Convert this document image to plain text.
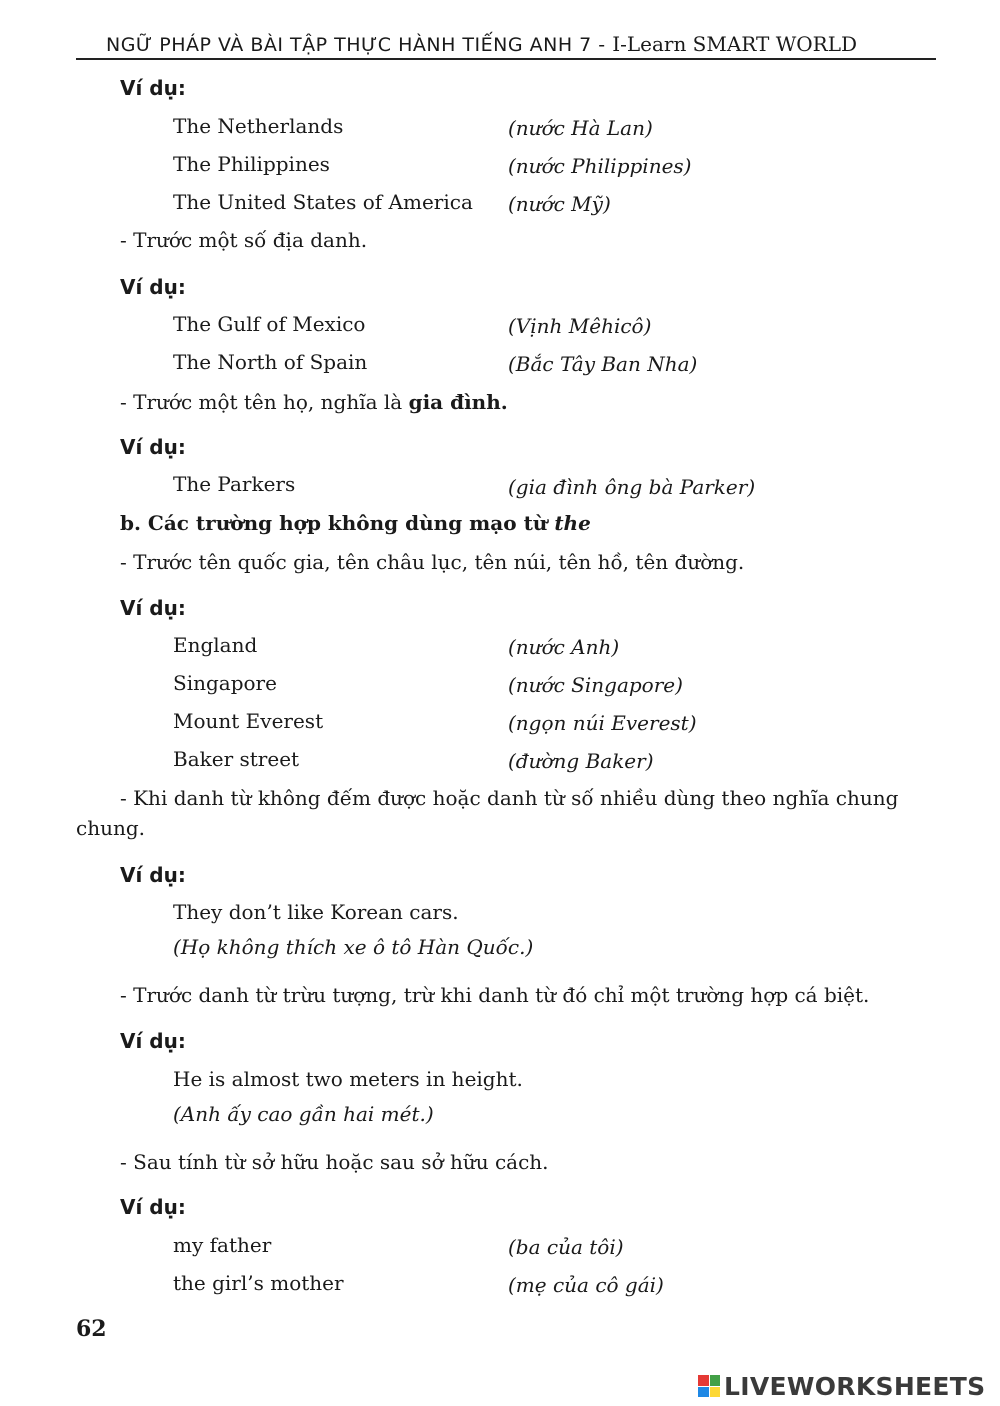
NGỮ PHÁP VÀ BÀI TẬP THỰC HÀNH TIẾNG ANH 7 - I-Learn SMART WORLD
Ví dụ:
The Netherlands	(nước Hà Lan)
The Philippines	(nước Philippines)
The United States of America (nước Mỹ)
- Trước một số địa danh.
Ví dụ:
The Gulf of Mexico	(Vịnh Mêhicô)
The North of Spain	(Bắc Tây Ban Nha)
- Trước một tên họ, nghĩa là gia đình.
Ví dụ:
The Parkers	(gia đình ông bà Parker)
b. Các trường hợp không dùng mạo từ the
- Trước tên quốc gia, tên châu lục, tên núi, tên hồ, tên đường.
Ví dụ:
England	(nước Anh)
Singapore	(nước Singapore)
Mount Everest	(ngọn núi Everest)
Baker street	(đường Baker)
- Khi danh từ không đếm được hoặc danh từ số nhiều dùng theo nghĩa chung
chung.
Ví dụ:
They don’t like Korean cars.
(Họ không thích xe ô tô Hàn Quốc.)
- Trước danh từ trừu tượng, trừ khi danh từ đó chỉ một trường hợp cá biệt.
Ví dụ:
He is almost two meters in height.
(Anh ấy cao gần hai mét.)
- Sau tính từ sở hữu hoặc sau sở hữu cách.
Ví dụ:
my father	(ba của tôi)
the girl’s mother	(mẹ của cô gái)
62
LIVEWORKSHEETS
